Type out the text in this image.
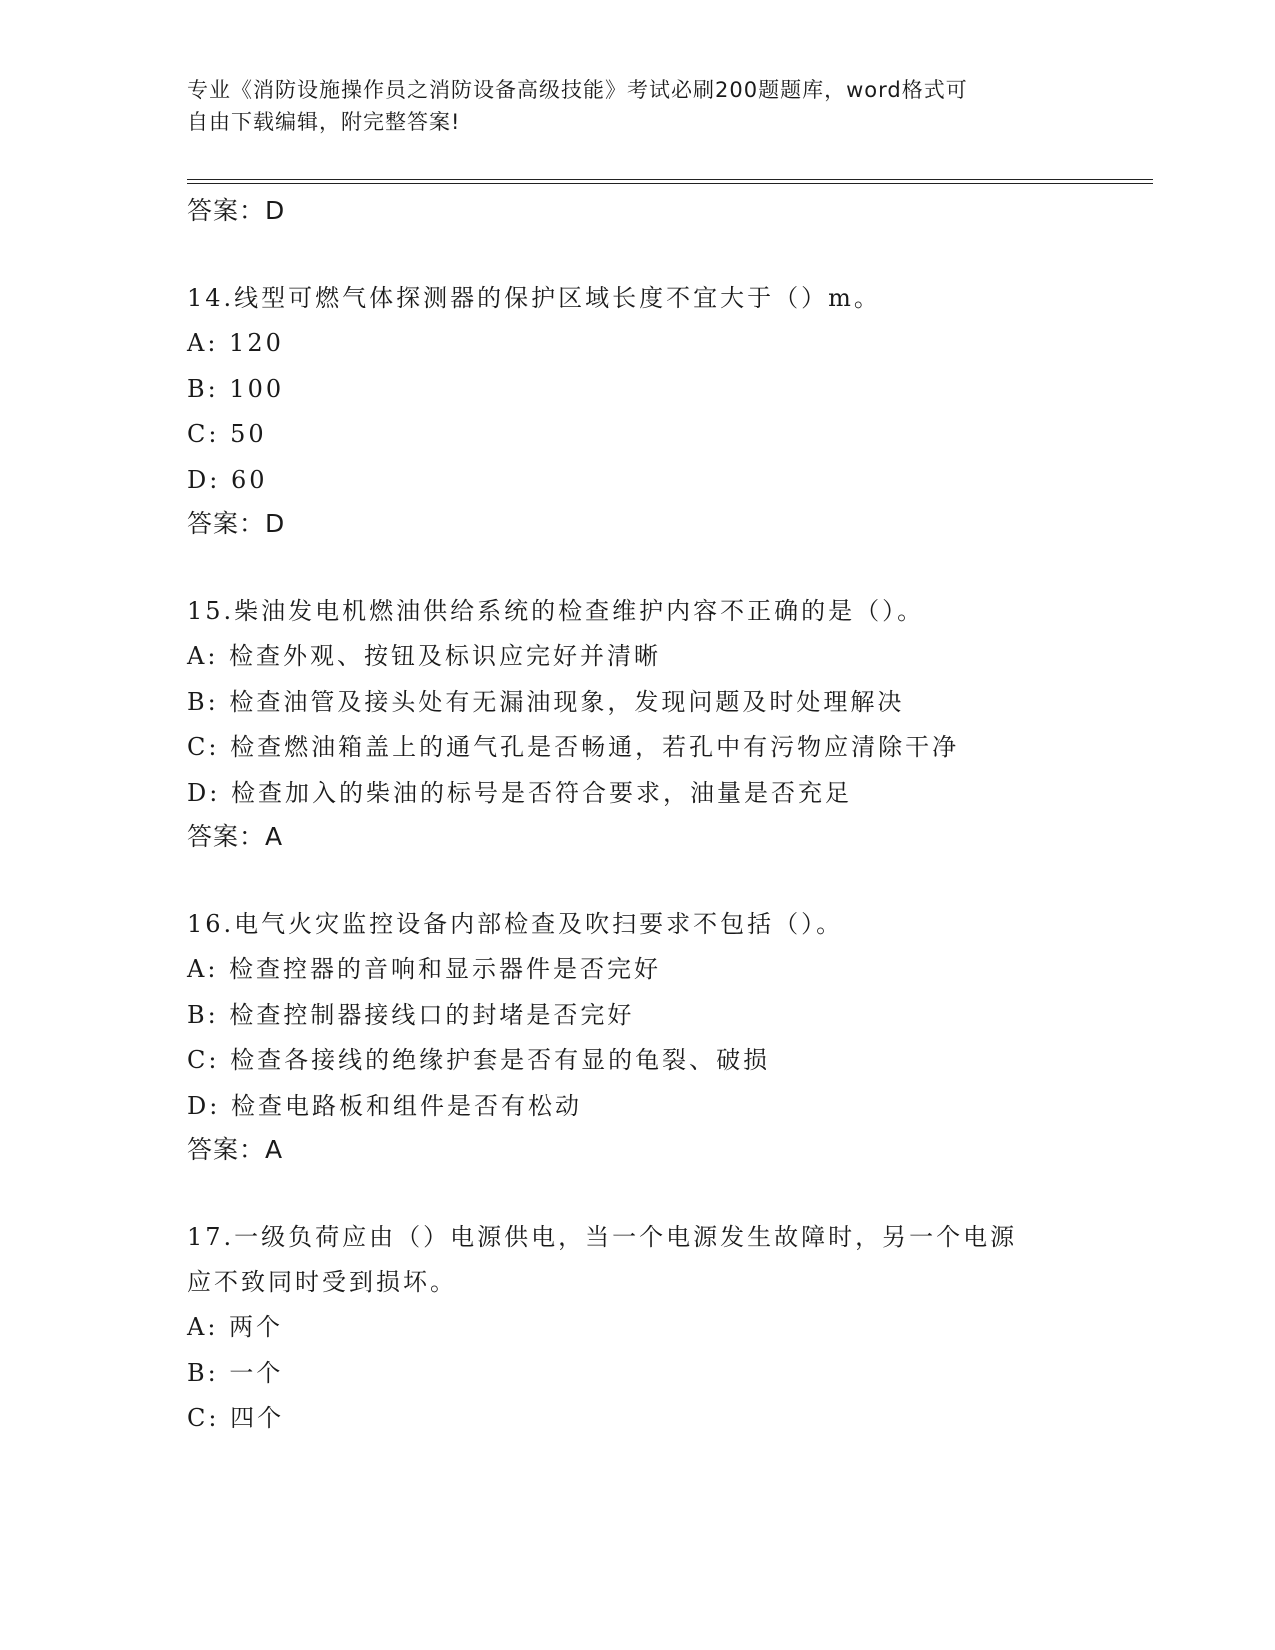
专业《消防设施操作员之消防设备高级技能》考试必刷200题题库，word格式可
自由下载编辑，附完整答案!
答案：D
14.线型可燃气体探测器的保护区域长度不宜大于（）m。
A: 120
B: 100
C: 50
D: 60
答案：D
15.柴油发电机燃油供给系统的检查维护内容不正确的是（）。
A: 检查外观、按钮及标识应完好并清晰
B: 检查油管及接头处有无漏油现象，发现问题及时处理解决
C: 检查燃油箱盖上的通气孔是否畅通，若孔中有污物应清除干净
D: 检查加入的柴油的标号是否符合要求，油量是否充足
答案：A
16.电气火灾监控设备内部检查及吹扫要求不包括（）。
A: 检查控器的音响和显示器件是否完好
B: 检查控制器接线口的封堵是否完好
C: 检查各接线的绝缘护套是否有显的龟裂、破损
D: 检查电路板和组件是否有松动
答案：A
17.一级负荷应由（）电源供电，当一个电源发生故障时，另一个电源
应不致同时受到损坏。
A: 两个
B: 一个
C: 四个
